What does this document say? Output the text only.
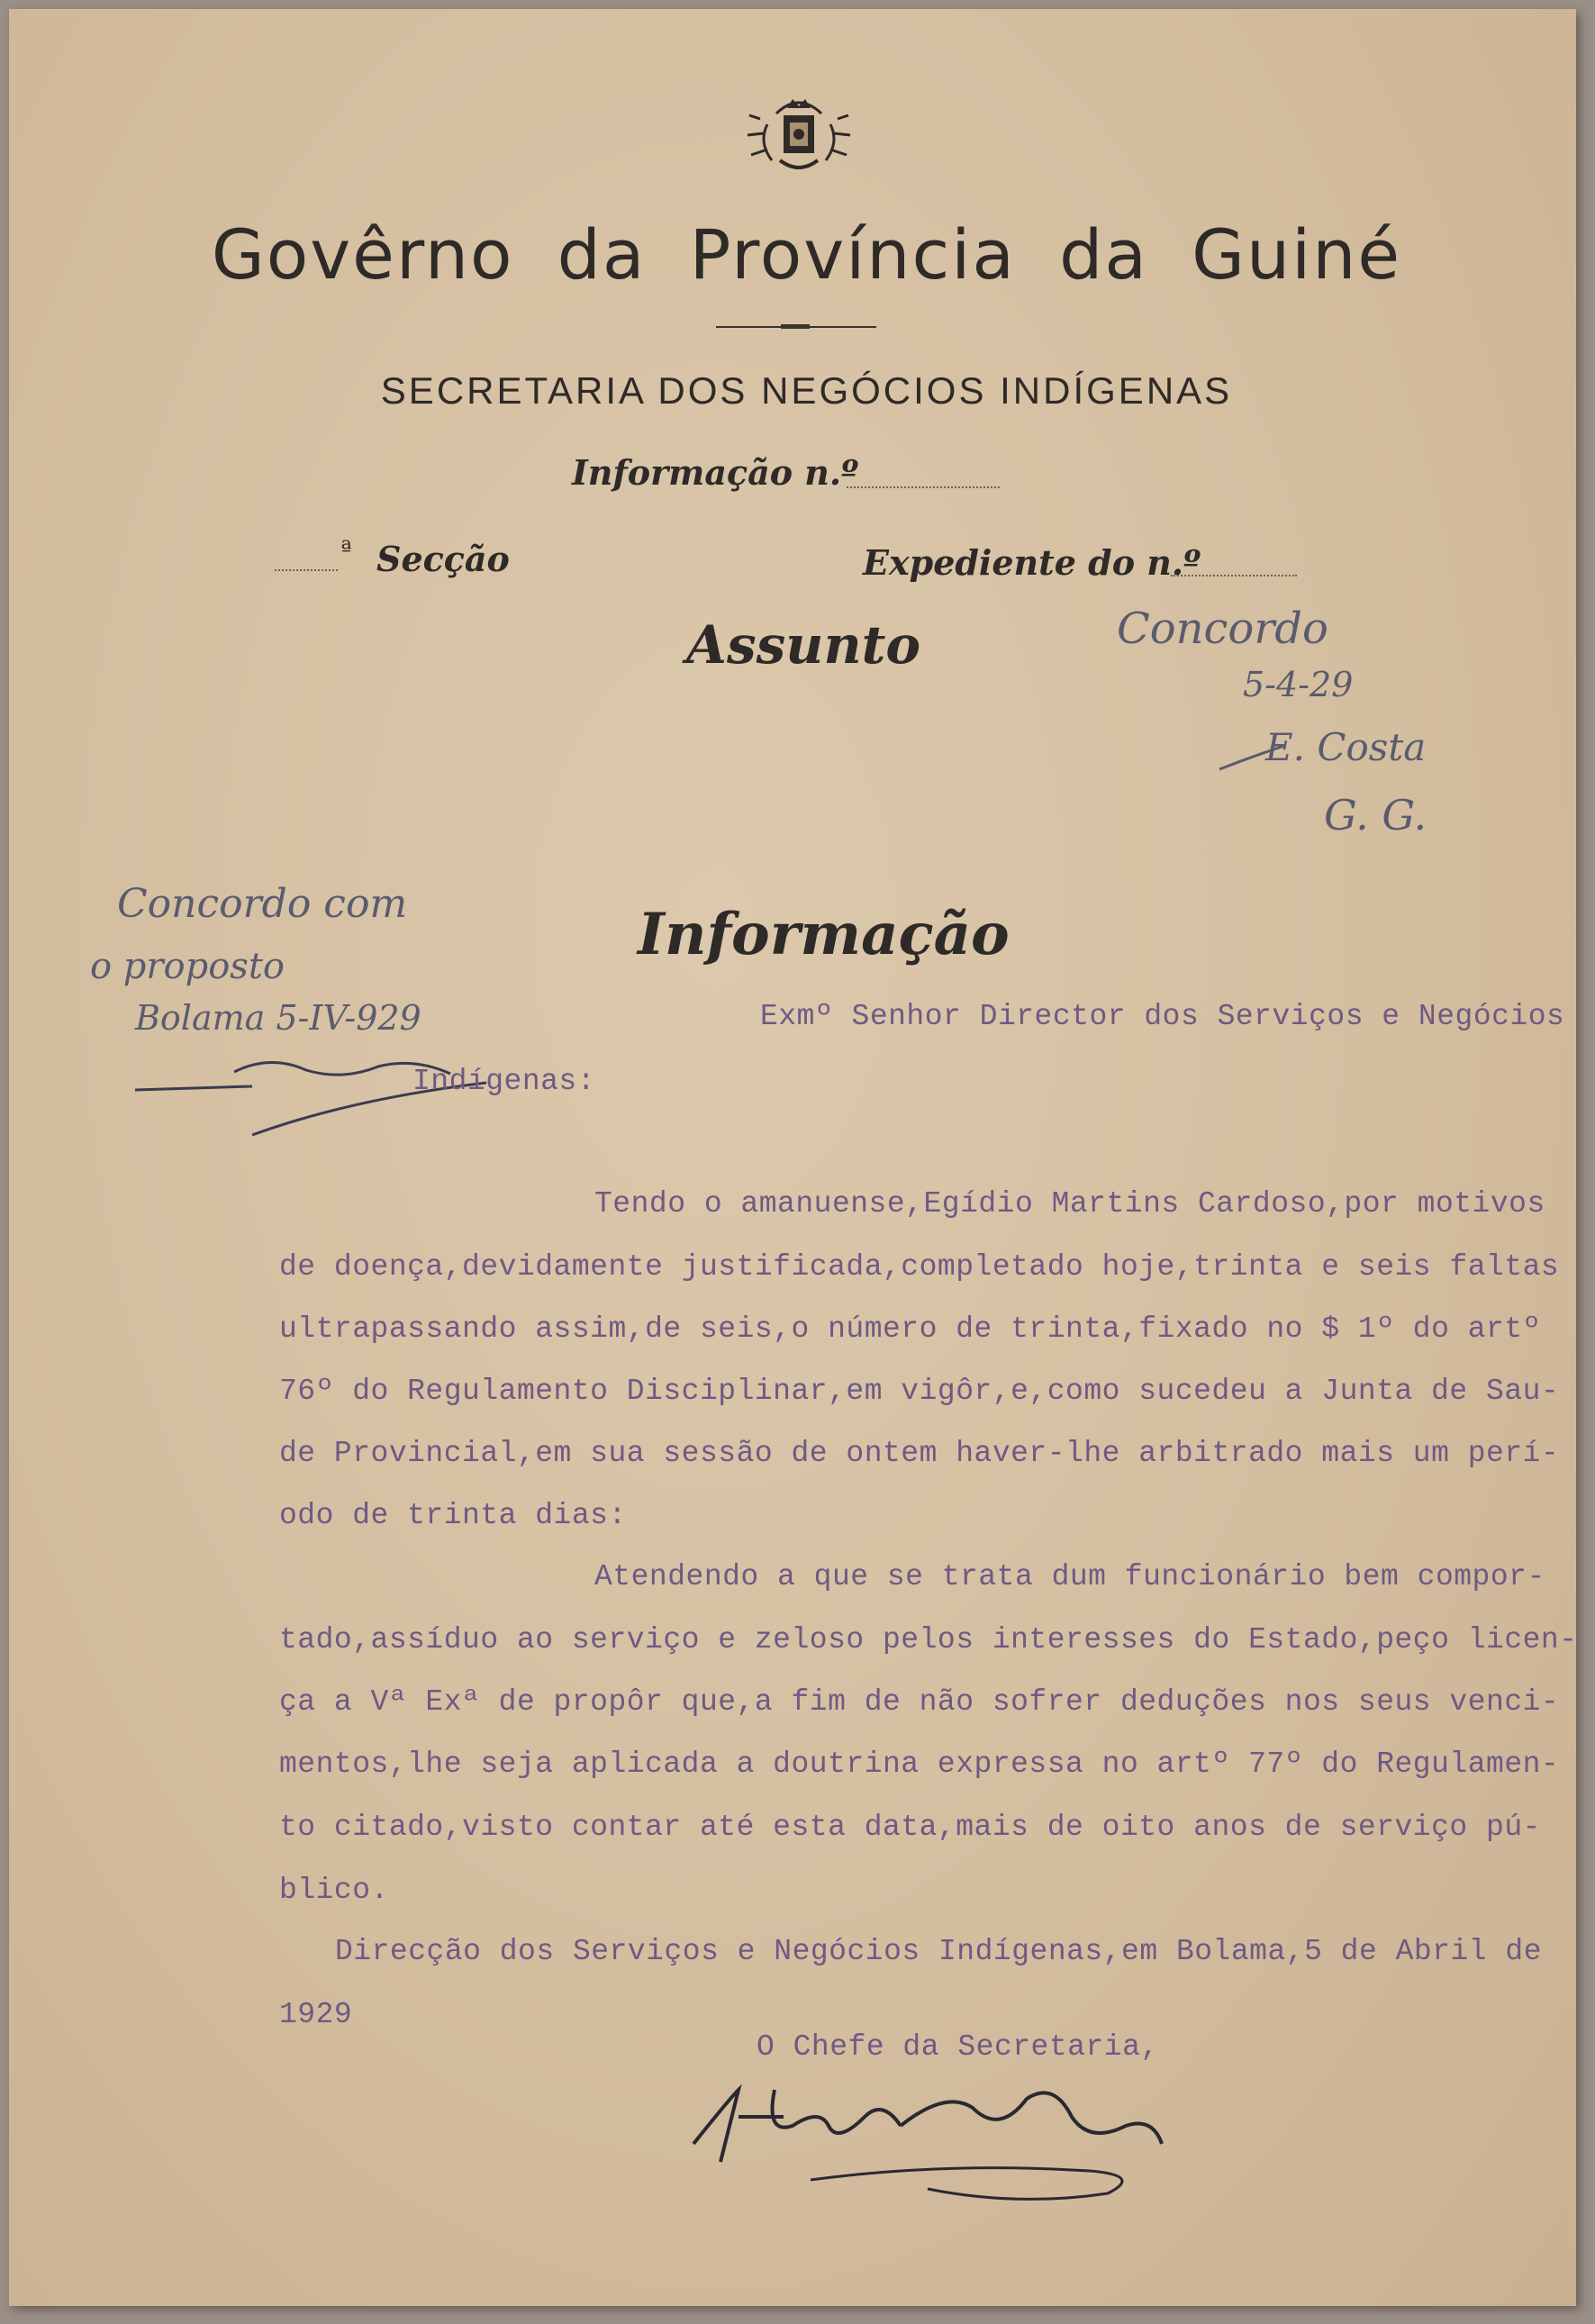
Govêrno da Província da Guiné
SECRETARIA DOS NEGÓCIOS INDÍGENAS
Informação n.º
ª Secção	Expediente do n.º
Assunto	Concordo
5-4-29
E. Costa
G. G.
Concordo com
o proposto
Bolama 5-IV-929
Informação
Exmº Senhor Director dos Serviços e Negócios
Indígenas:
Tendo o amanuense,Egídio Martins Cardoso,por motivos
de doença,devidamente justificada,completado hoje,trinta e seis faltas
ultrapassando assim,de seis,o número de trinta,fixado no $ 1º do artº
76º do Regulamento Disciplinar,em vigôr,e,como sucedeu a Junta de Sau-
de Provincial,em sua sessão de ontem haver-lhe arbitrado mais um perí-
odo de trinta dias:
Atendendo a que se trata dum funcionário bem compor-
tado,assíduo ao serviço e zeloso pelos interesses do Estado,peço licen-
ça a Vª Exª de propôr que,a fim de não sofrer deduções nos seus venci-
mentos,lhe seja aplicada a doutrina expressa no artº 77º do Regulamen-
to citado,visto contar até esta data,mais de oito anos de serviço pú-
blico.
Direcção dos Serviços e Negócios Indígenas,em Bolama,5 de Abril de
1929
O Chefe da Secretaria,
António Cardoso
